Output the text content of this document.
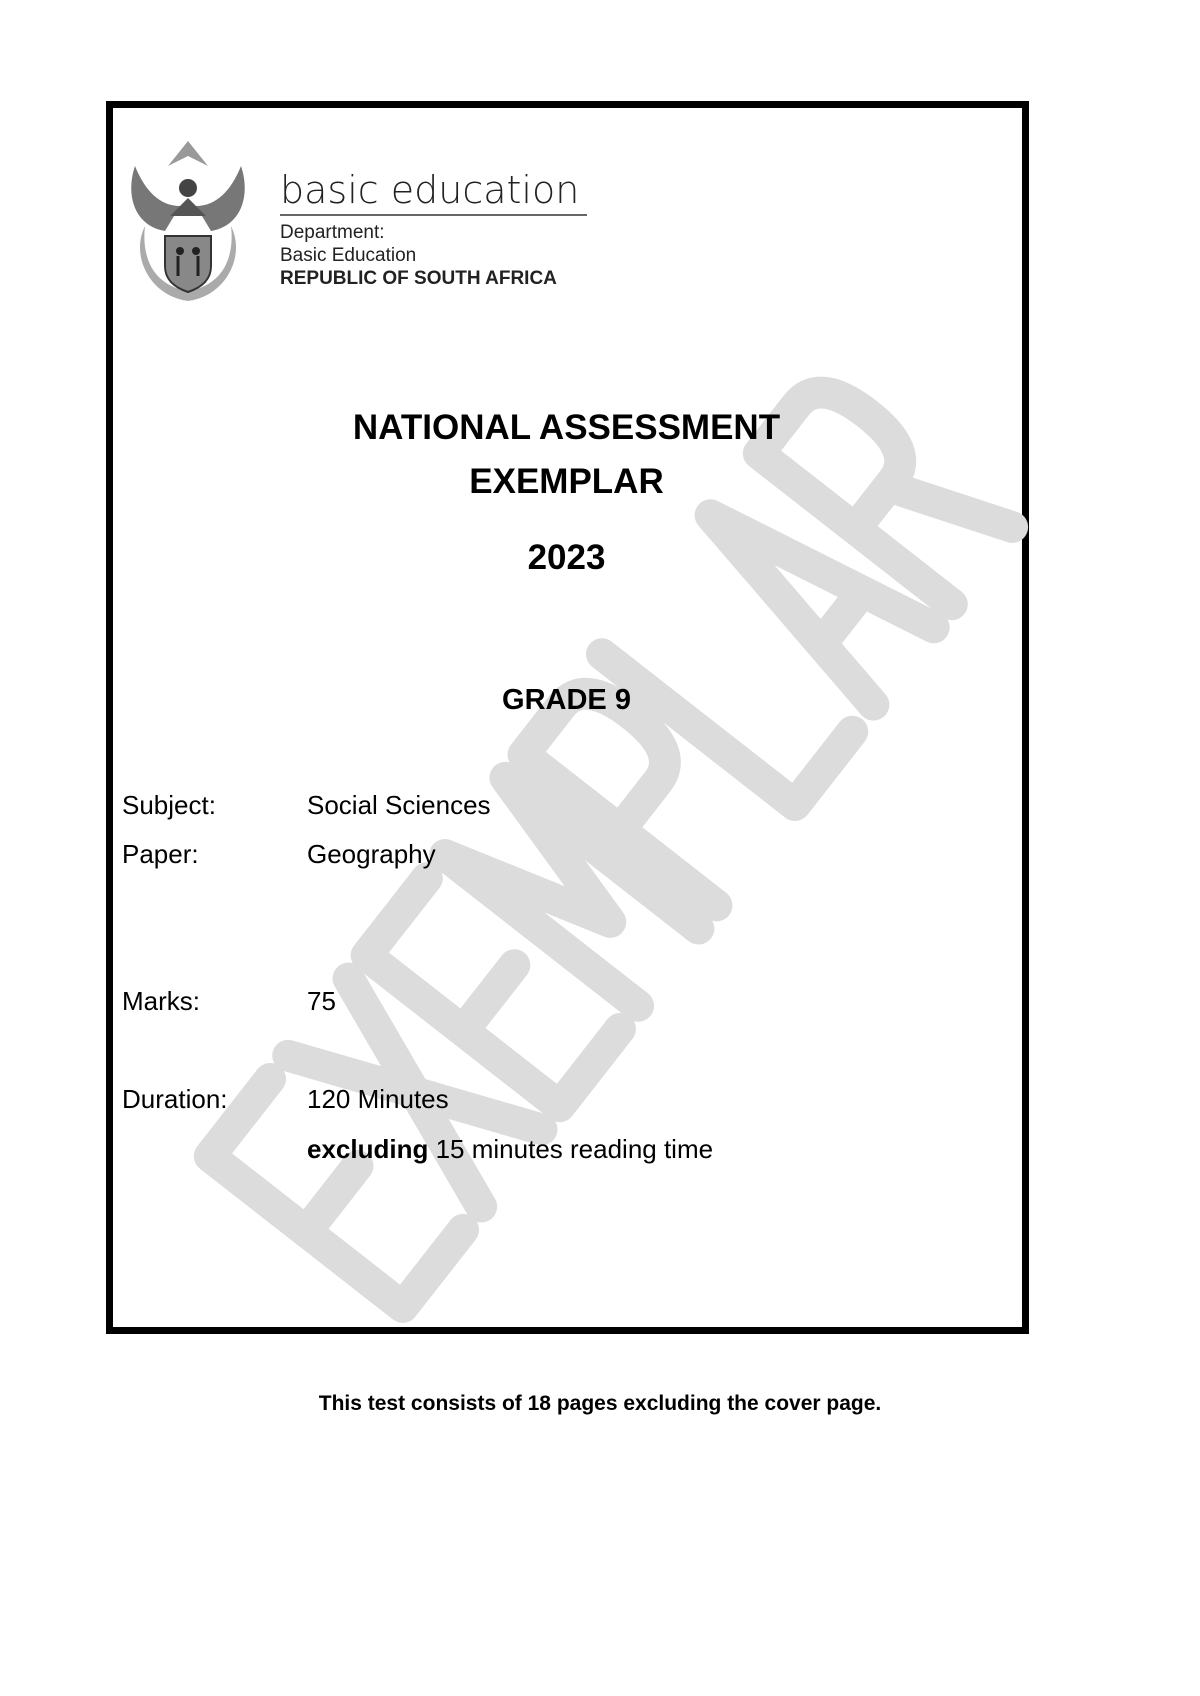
basic education
Department:
Basic Education
REPUBLIC OF SOUTH AFRICA
NATIONAL ASSESSMENT
EXEMPLAR
2023
GRADE 9
Subject:	Social Sciences
Paper:	Geography
Marks:	75
Duration:	120 Minutes
excluding 15 minutes reading time
This test consists of 18 pages excluding the cover page.
